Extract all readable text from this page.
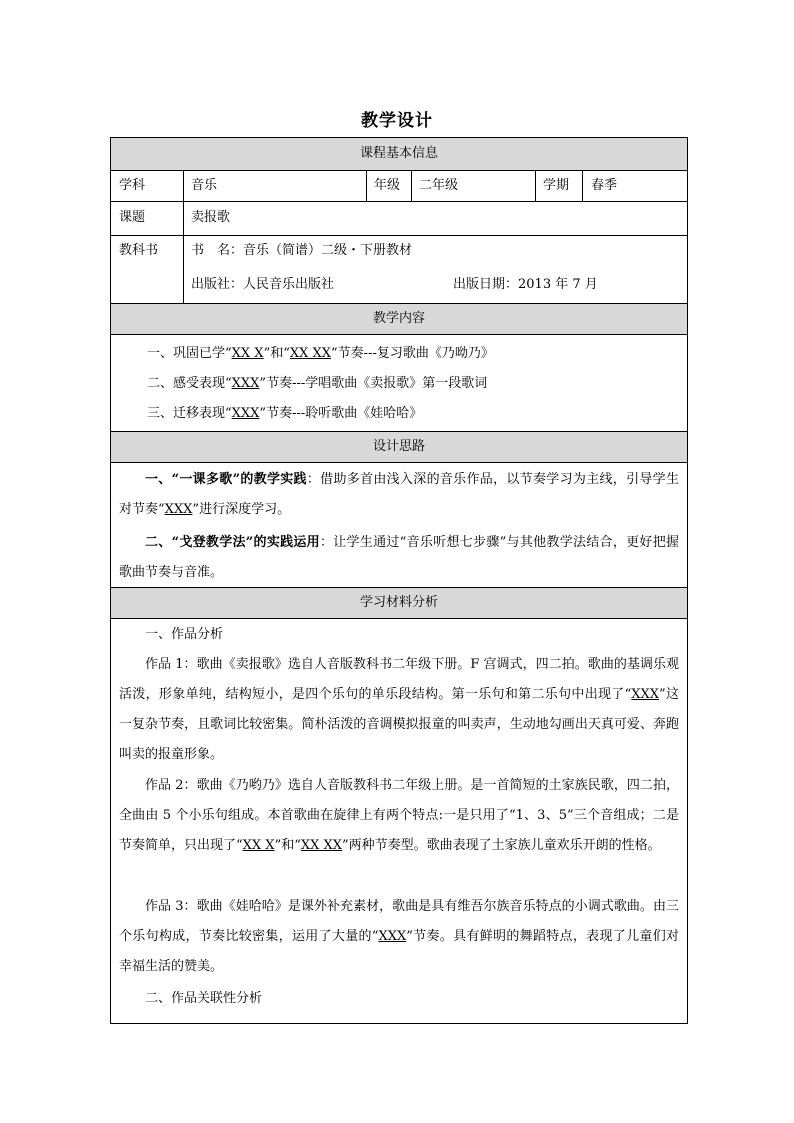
教学设计
课程基本信息
学科	音乐	年级 二年级	学期 春季
课题	卖报歌
教科书	书　名：音乐（简谱）二级・下册教材
出版社：人民音乐出版社	出版日期：2013 年 7 月
教学内容
一、巩固已学“XX X”和“XX XX”节奏---复习歌曲《乃呦乃》
二、感受表现“XXX”节奏---学唱歌曲《卖报歌》第一段歌词
三、迁移表现“XXX”节奏---聆听歌曲《娃哈哈》
设计思路
一、“一课多歌”的教学实践：借助多首由浅入深的音乐作品，以节奏学习为主线，引导学生对节奏“XXX”进行深度学习。
二、“戈登教学法”的实践运用：让学生通过“音乐听想七步骤”与其他教学法结合，更好把握歌曲节奏与音准。
学习材料分析
一、作品分析
作品 1：歌曲《卖报歌》选自人音版教科书二年级下册。F 宫调式，四二拍。歌曲的基调乐观活泼，形象单纯，结构短小，是四个乐句的单乐段结构。第一乐句和第二乐句中出现了“XXX”这一复杂节奏，且歌词比较密集。简朴活泼的音调模拟报童的叫卖声，生动地勾画出天真可爱、奔跑叫卖的报童形象。
作品 2：歌曲《乃哟乃》选自人音版教科书二年级上册。是一首简短的土家族民歌，四二拍，全曲由 5 个小乐句组成。本首歌曲在旋律上有两个特点:一是只用了“1、3、5”三个音组成；二是节奏简单，只出现了“XX X”和“XX XX”两种节奏型。歌曲表现了土家族儿童欢乐开朗的性格。
作品 3：歌曲《娃哈哈》是课外补充素材，歌曲是具有维吾尔族音乐特点的小调式歌曲。由三个乐句构成，节奏比较密集，运用了大量的“XXX”节奏。具有鲜明的舞蹈特点，表现了儿童们对幸福生活的赞美。
二、作品关联性分析
